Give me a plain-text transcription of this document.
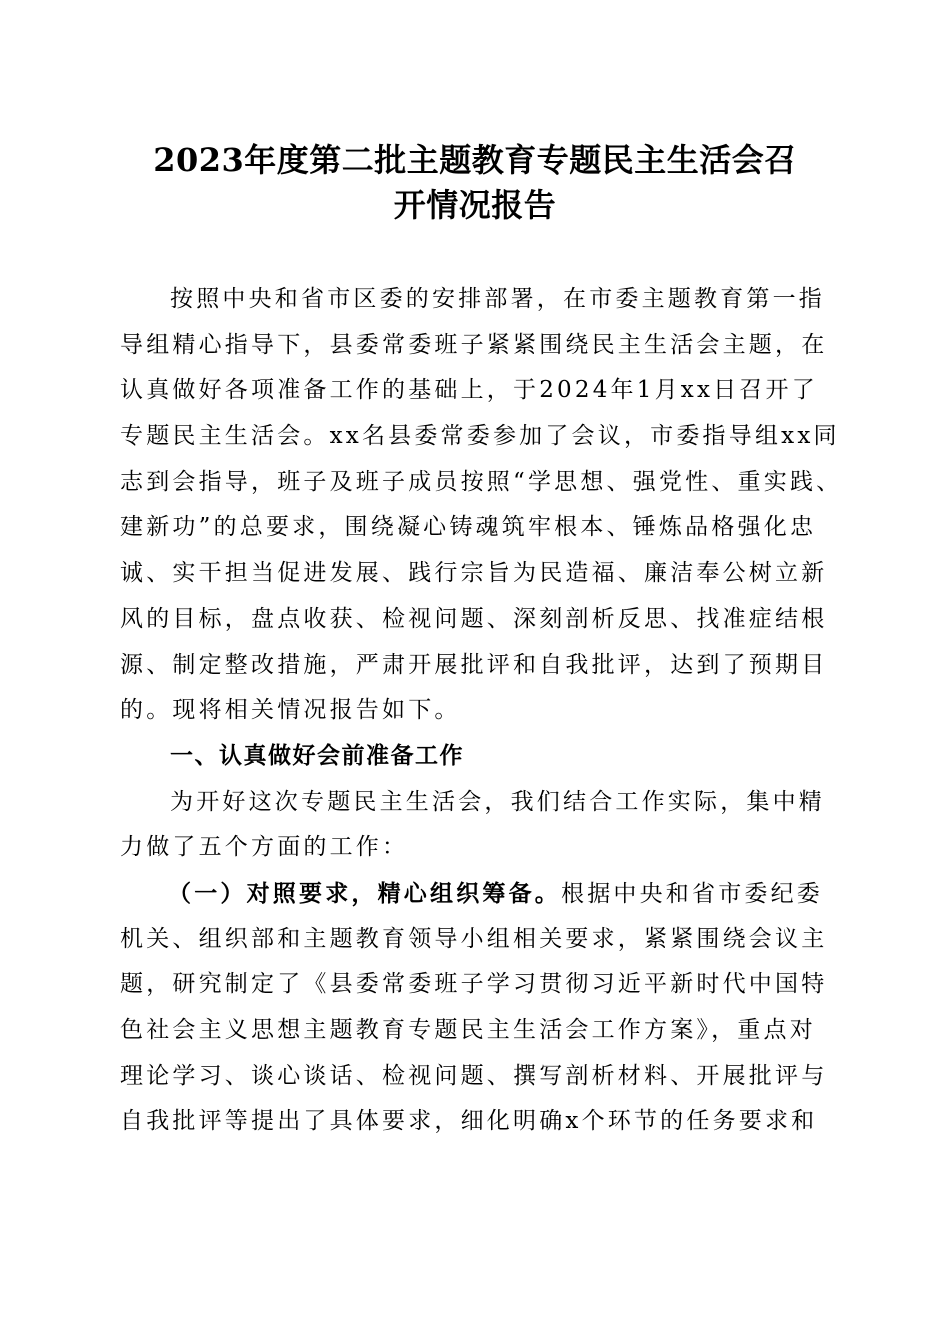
2023年度第二批主题教育专题民主生活会召
开情况报告
按照中央和省市区委的安排部署，在市委主题教育第一指
导组精心指导下，县委常委班子紧紧围绕民主生活会主题，在
认真做好各项准备工作的基础上，于2024年1月xx日召开了
专题民主生活会。xx名县委常委参加了会议，市委指导组xx同
志到会指导，班子及班子成员按照“学思想、强党性、重实践、
建新功”的总要求，围绕凝心铸魂筑牢根本、锤炼品格强化忠
诚、实干担当促进发展、践行宗旨为民造福、廉洁奉公树立新
风的目标，盘点收获、检视问题、深刻剖析反思、找准症结根
源、制定整改措施，严肃开展批评和自我批评，达到了预期目
的。现将相关情况报告如下。
一、认真做好会前准备工作
为开好这次专题民主生活会，我们结合工作实际，集中精
力做了五个方面的工作：
（一）对照要求，精心组织筹备。根据中央和省市委纪委
机关、组织部和主题教育领导小组相关要求，紧紧围绕会议主
题，研究制定了《县委常委班子学习贯彻习近平新时代中国特
色社会主义思想主题教育专题民主生活会工作方案》，重点对
理论学习、谈心谈话、检视问题、撰写剖析材料、开展批评与
自我批评等提出了具体要求，细化明确x个环节的任务要求和
